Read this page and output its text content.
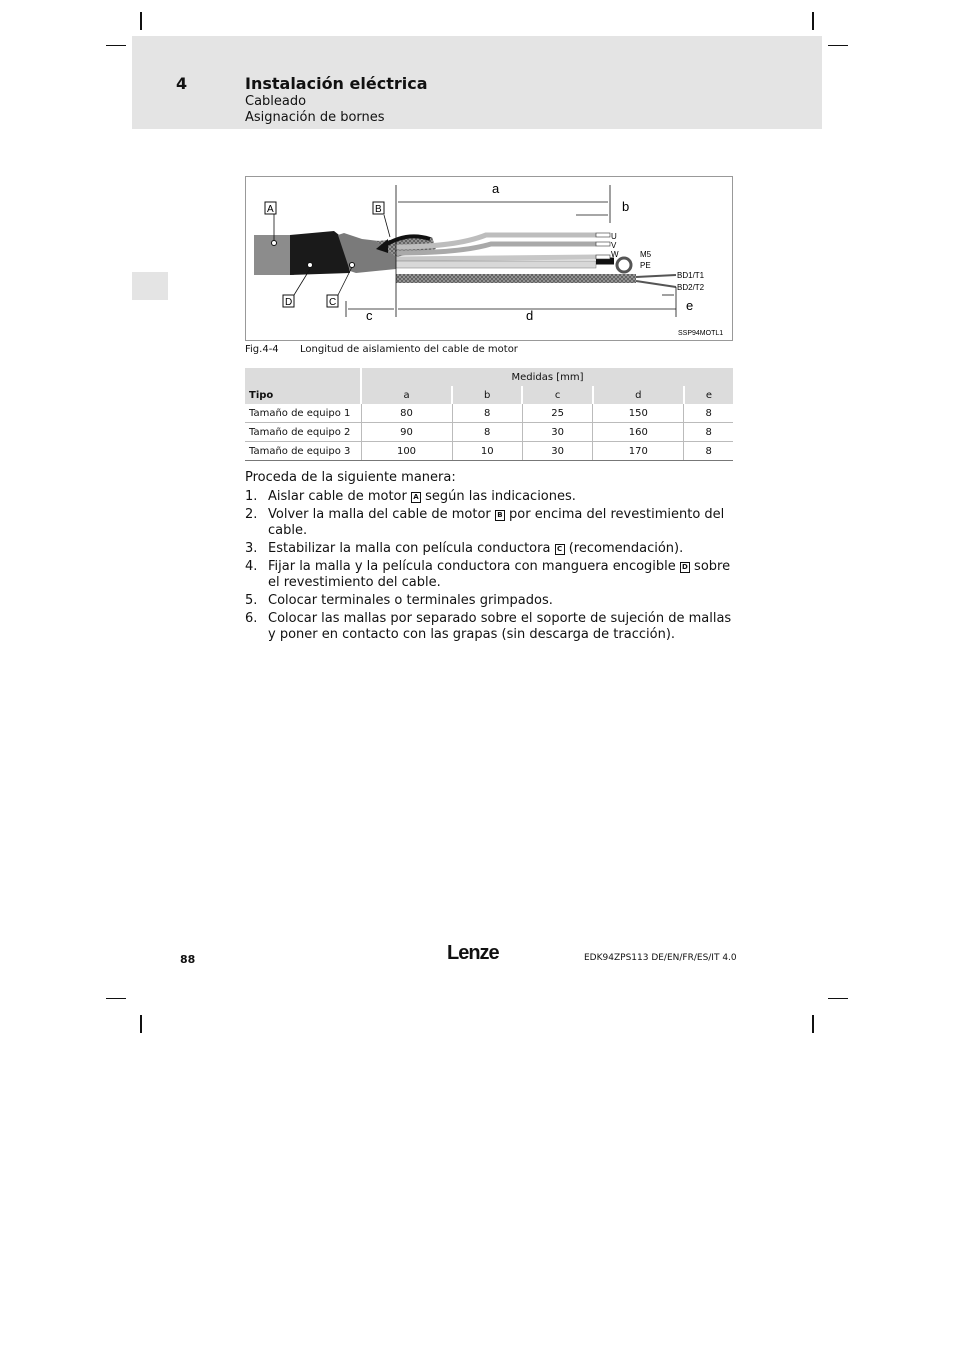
4	Instalación eléctrica
Cableado
Asignación de bornes
A	B
D	C
a
b
c	d
e
U
V
W	M5
PE
BD1/T1
BD2/T2
SSP94MOTL1
Fig.4-4 Longitud de aislamiento del cable de motor
	Medidas [mm]				
Tipo	a	b	c	d	e
Tamaño de equipo 1	80	8	25	150	8
Tamaño de equipo 2	90	8	30	160	8
Tamaño de equipo 3	100	10	30	170	8
Proceda de la siguiente manera:
1. Aislar cable de motor A según las indicaciones.
2. Volver la malla del cable de motor B por encima del revestimiento del cable.
3. Estabilizar la malla con película conductora C (recomendación).
4. Fijar la malla y la película conductora con manguera encogible D sobre el revestimiento del cable.
5. Colocar terminales o terminales grimpados.
6. Colocar las mallas por separado sobre el soporte de sujeción de mallas y poner en contacto con las grapas (sin descarga de tracción).
88	Lenze	EDK94ZPS113 DE/EN/FR/ES/IT 4.0
